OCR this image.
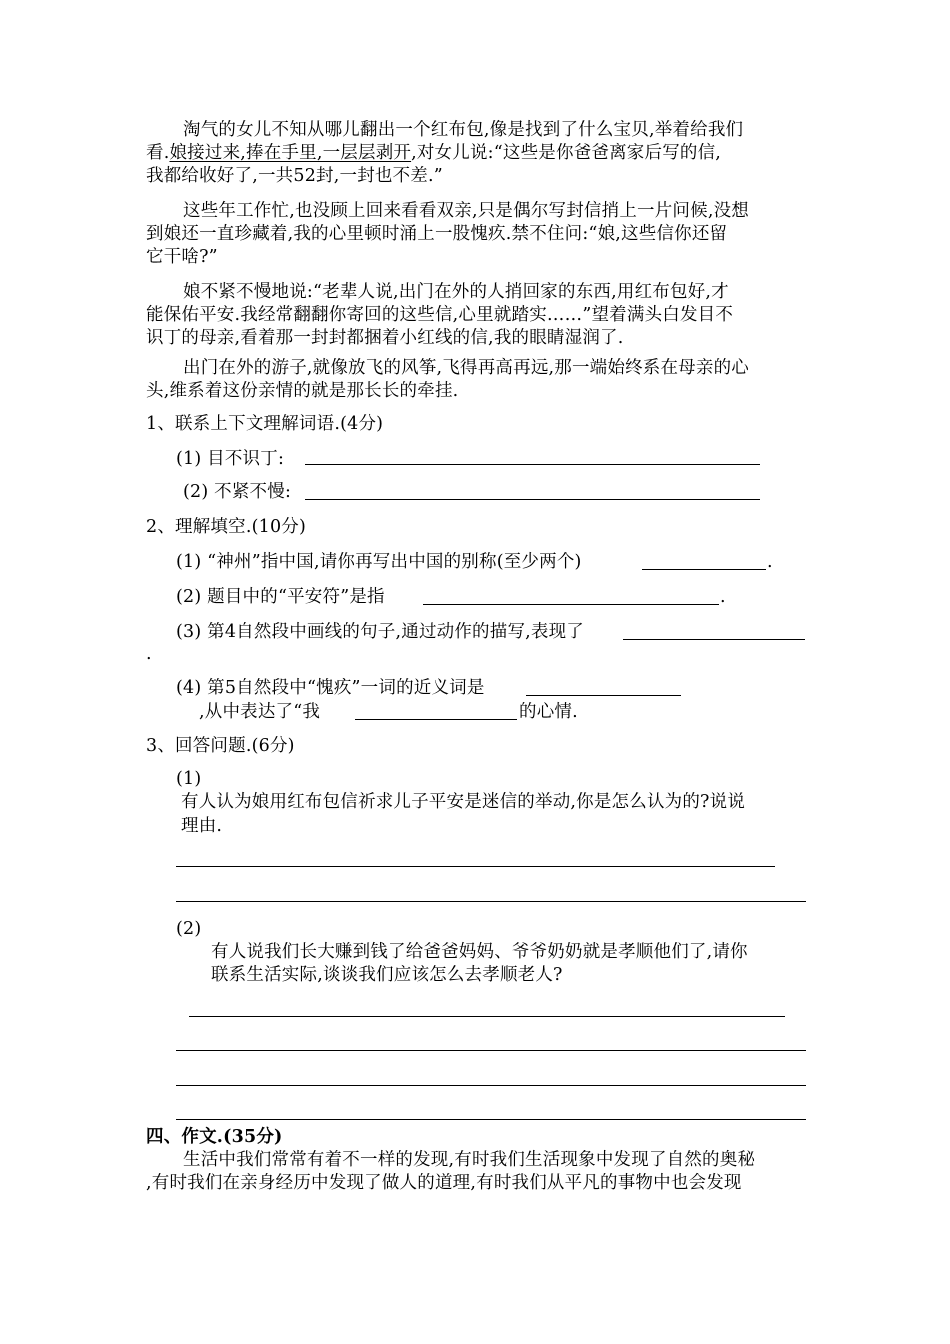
淘气的女儿不知从哪儿翻出一个红布包,像是找到了什么宝贝,举着给我们
看.娘接过来,捧在手里,一层层剥开,对女儿说:“这些是你爸爸离家后写的信,
我都给收好了,一共52封,一封也不差.”
这些年工作忙,也没顾上回来看看双亲,只是偶尔写封信捎上一片问候,没想
到娘还一直珍藏着,我的心里顿时涌上一股愧疚.禁不住问:“娘,这些信你还留
它干啥?”
娘不紧不慢地说:“老辈人说,出门在外的人捎回家的东西,用红布包好,才
能保佑平安.我经常翻翻你寄回的这些信,心里就踏实……”望着满头白发目不
识丁的母亲,看着那一封封都捆着小红线的信,我的眼睛湿润了.
出门在外的游子,就像放飞的风筝,飞得再高再远,那一端始终系在母亲的心
头,维系着这份亲情的就是那长长的牵挂.
1、联系上下文理解词语.(4分)
(1) 目不识丁:
(2) 不紧不慢:
2、理解填空.(10分)
(1) “神州”指中国,请你再写出中国的别称(至少两个)	.
(2) 题目中的“平安符”是指	.
(3) 第4自然段中画线的句子,通过动作的描写,表现了
.
(4) 第5自然段中“愧疚”一词的近义词是
,从中表达了“我	的心情.
3、回答问题.(6分)
(1)
有人认为娘用红布包信祈求儿子平安是迷信的举动,你是怎么认为的?说说
理由.
(2)
有人说我们长大赚到钱了给爸爸妈妈、爷爷奶奶就是孝顺他们了,请你
联系生活实际,谈谈我们应该怎么去孝顺老人?
四、作文.(35分)
生活中我们常常有着不一样的发现,有时我们生活现象中发现了自然的奥秘
,有时我们在亲身经历中发现了做人的道理,有时我们从平凡的事物中也会发现
